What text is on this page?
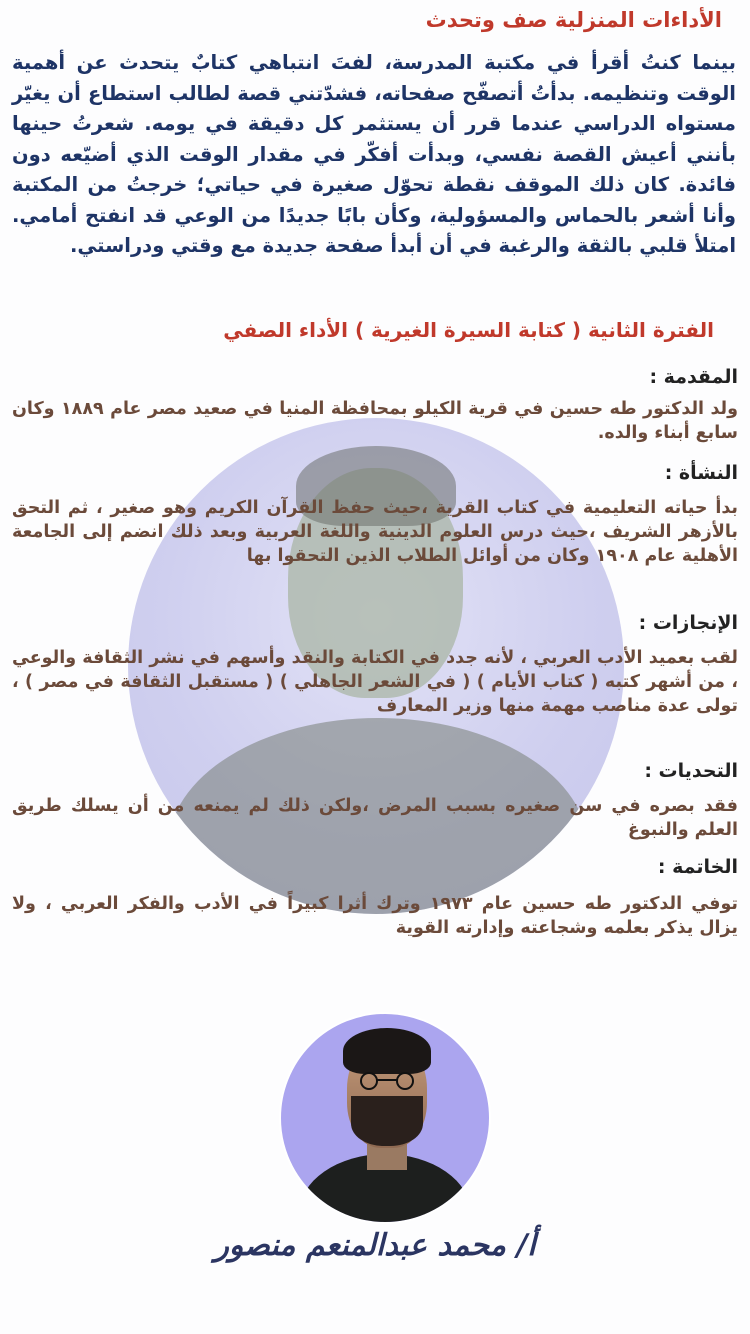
الأداءات المنزلية صف وتحدث

بينما كنتُ أقرأ في مكتبة المدرسة، لفتَ انتباهي كتابٌ يتحدث عن أهمية الوقت وتنظيمه. بدأتُ أتصفّح صفحاته، فشدّتني قصة لطالب استطاع أن يغيّر مستواه الدراسي عندما قرر أن يستثمر كل دقيقة في يومه. شعرتُ حينها بأنني أعيش القصة نفسي، وبدأت أفكّر في مقدار الوقت الذي أضيّعه دون فائدة. كان ذلك الموقف نقطة تحوّل صغيرة في حياتي؛ خرجتُ من المكتبة وأنا أشعر بالحماس والمسؤولية، وكأن بابًا جديدًا من الوعي قد انفتح أمامي. امتلأ قلبي بالثقة والرغبة في أن أبدأ صفحة جديدة مع وقتي ودراستي.

الفترة الثانية ( كتابة السيرة الغيرية ) الأداء الصفي
المقدمة :

ولد الدكتور طه حسين في قرية الكيلو بمحافظة المنيا في صعيد مصر عام ١٨٨٩ وكان سابع أبناء والده.

النشأة :

بدأ حياته التعليمية في كتاب القرية ،حيث حفظ القرآن الكريم وهو صغير ، ثم التحق بالأزهر الشريف ،حيث درس العلوم الدينية واللغة العربية وبعد ذلك انضم إلى الجامعة الأهلية عام ١٩٠٨ وكان من أوائل الطلاب الذين التحقوا بها

الإنجازات :

لقب بعميد الأدب العربي ، لأنه جدد في الكتابة والنقد وأسهم في نشر الثقافة والوعي ، من أشهر كتبه ( كتاب الأيام ) ( في الشعر الجاهلي ) ( مستقبل الثقافة في مصر ) ، تولى عدة مناصب مهمة منها وزير المعارف

التحديات :

فقد بصره في سن صغيره بسبب المرض ،ولكن ذلك لم يمنعه من أن يسلك طريق العلم والنبوغ

الخاتمة :

توفي الدكتور طه حسين عام ١٩٧٣ وترك أثرا كبيراً في الأدب والفكر العربي ، ولا يزال يذكر بعلمه وشجاعته وإدارته القوية

أ/ محمد عبدالمنعم منصور
